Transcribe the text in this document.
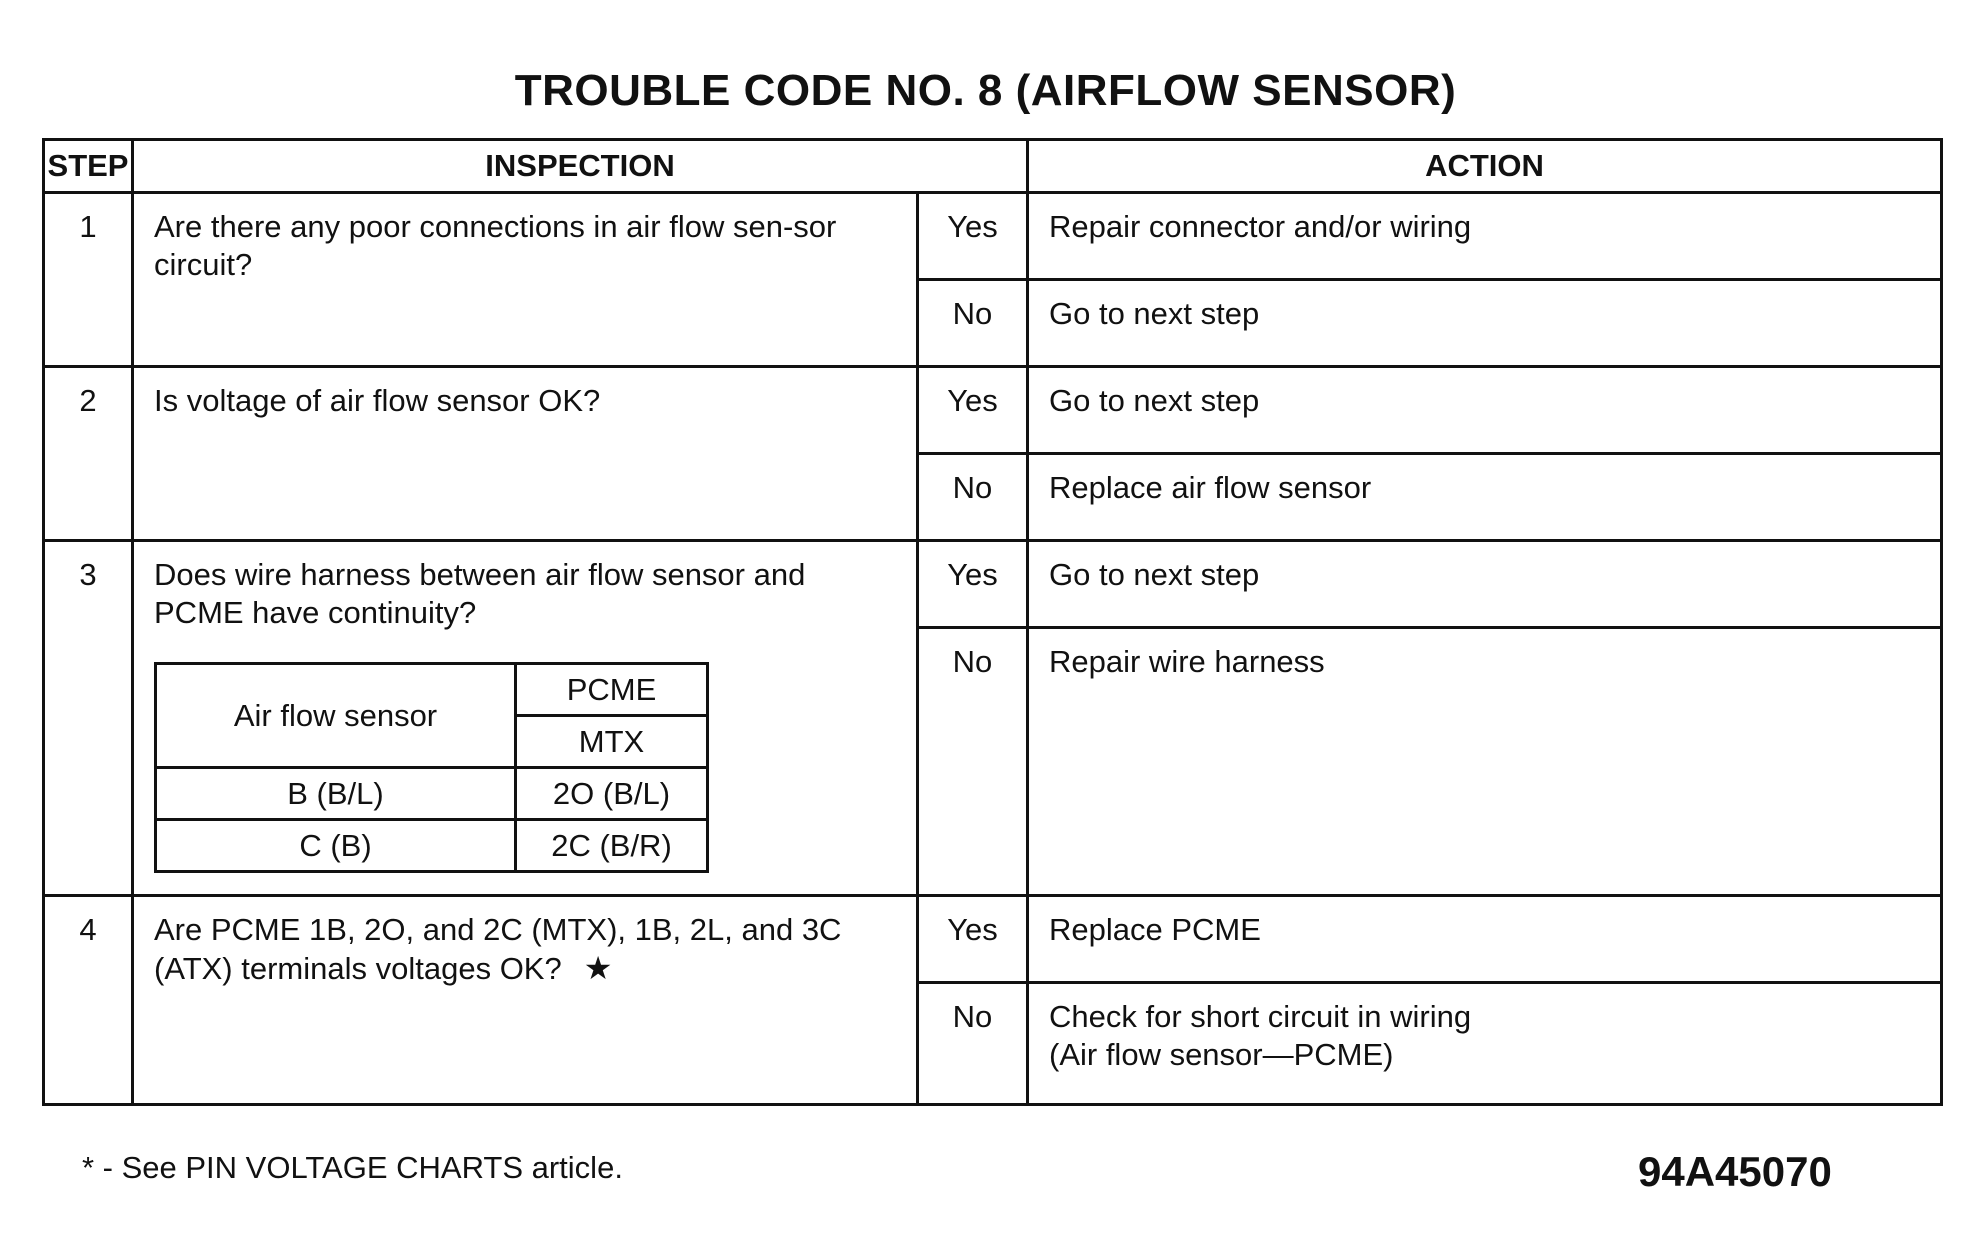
TROUBLE CODE NO. 8 (AIRFLOW SENSOR)
STEP	INSPECTION	ACTION
1	Are there any poor connections in air flow sen-sor circuit?	Yes	Repair connector and/or wiring
No	Go to next step
2	Is voltage of air flow sensor OK?	Yes	Go to next step
No	Replace air flow sensor
3	Does wire harness between air flow sensor and PCME have continuity?
Air flow sensor	PCME
MTX
B (B/L)	2O (B/L)
C (B)	2C (B/R)
	Yes	Go to next step
No	Repair wire harness
4	Are PCME 1B, 2O, and 2C (MTX), 1B, 2L, and 3C (ATX) terminals voltages OK? ★	Yes	Replace PCME
No	Check for short circuit in wiring
(Air flow sensor—PCME)
* - See PIN VOLTAGE CHARTS article.	94A45070
